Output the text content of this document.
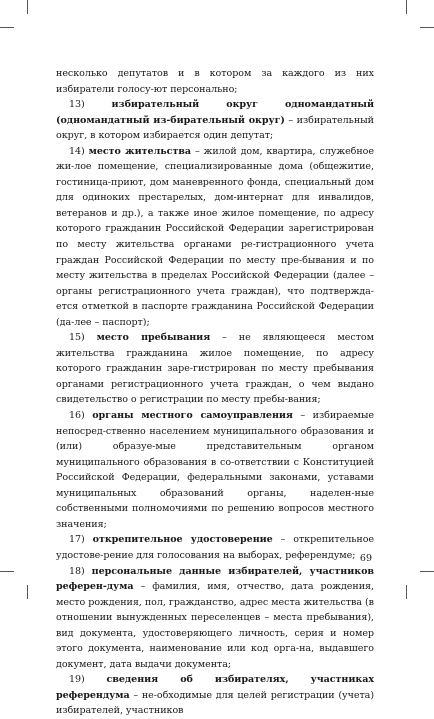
несколько депутатов и в котором за каждого из них избиратели голосу-ют персонально;

13) избирательный округ одномандатный (одномандатный из-бирательный округ) – избирательный округ, в котором избирается один депутат;

14) место жительства – жилой дом, квартира, служебное жи-лое помещение, специализированные дома (общежитие, гостиница-приют, дом маневренного фонда, специальный дом для одиноких престарелых, дом-интернат для инвалидов, ветеранов и др.), а также иное жилое помещение, по адресу которого гражданин Российской Федерации зарегистрирован по месту жительства органами ре-гистрационного учета граждан Российской Федерации по месту пре-бывания и по месту жительства в пределах Российской Федерации (далее – органы регистрационного учета граждан), что подтвержда-ется отметкой в паспорте гражданина Российской Федерации (да-лее – паспорт);

15) место пребывания – не являющееся местом жительства гражданина жилое помещение, по адресу которого гражданин заре-гистрирован по месту пребывания органами регистрационного учета граждан, о чем выдано свидетельство о регистрации по месту пребы-вания;

16) органы местного самоуправления – избираемые непосред-ственно населением муниципального образования и (или) образуе-мые представительным органом муниципального образования в со-ответствии с Конституцией Российской Федерации, федеральными законами, уставами муниципальных образований органы, наделен-ные собственными полномочиями по решению вопросов местного значения;

17) открепительное удостоверение – открепительное удостове-рение для голосования на выборах, референдуме;

18) персональные данные избирателей, участников референ-дума – фамилия, имя, отчество, дата рождения, место рождения, пол, гражданство, адрес места жительства (в отношении вынужденных переселенцев – места пребывания), вид документа, удостоверяющего личность, серия и номер этого документа, наименование или код орга-на, выдавшего документ, дата выдачи документа;

19) сведения об избирателях, участниках референдума – не-обходимые для целей регистрации (учета) избирателей, участников

69
